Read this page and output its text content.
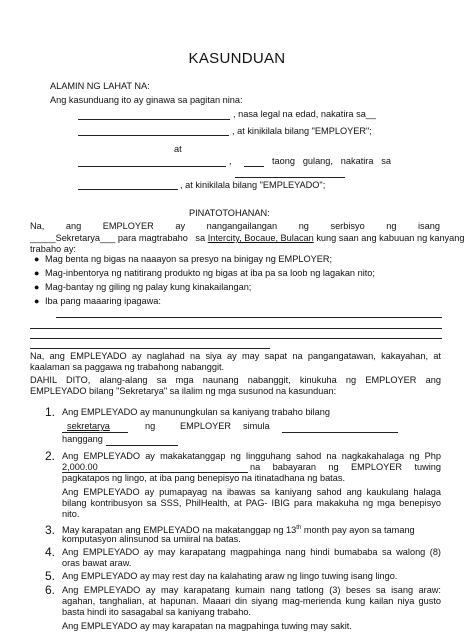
KASUNDUAN
ALAMIN NG LAHAT NA:
Ang kasunduang ito ay ginawa sa pagitan nina:
, nasa legal na edad, nakatira sa__
, at kinikilala bilang "EMPLOYER";
at
,	taong gulang, nakatira sa
, at kinikilala bilang "EMPLEYADO";
PINATOTOHANAN:
Na, ang EMPLOYER ay nangangailangan ng serbisyo ng isang
_____Sekretarya___ para magtrabaho sa Intercity, Bocaue, Bulacan kung saan ang kabuuan ng kanyang
trabaho ay:
● Mag benta ng bigas na naaayon sa presyo na binigay ng EMPLOYER;
● Mag-inbentorya ng natitirang produkto ng bigas at iba pa sa loob ng lagakan nito;
● Mag-bantay ng giling ng palay kung kinakailangan;
● Iba pang maaaring ipagawa:
Na, ang EMPLEYADO ay naglahad na siya ay may sapat na pangangatawan, kakayahan, at
kaalaman sa paggawa ng trabahong nabanggit.
DAHIL DITO, alang-alang sa mga naunang nabanggit, kinukuha ng EMPLOYER ang
EMPLEYADO bilang "Sekretarya" sa ilalim ng mga susunod na kasunduan:
1. Ang EMPLEYADO ay manunungkulan sa kaniyang trabaho bilang
sekretarya	ng	EMPLOYER simula
hanggang
2. Ang EMPLEYADO ay makakatanggap ng lingguhang sahod na nagkakahalaga ng Php
2,000.00	na babayaran ng EMPLOYER tuwing
pagkatapos ng lingo, at iba pang benepisyo na itinatadhana ng batas.
Ang EMPLEYADO ay pumapayag na ibawas sa kaniyang sahod ang kaukulang halaga
bilang kontribusyon sa SSS, PhilHealth, at PAG- IBIG para makakuha ng mga benepisyo
nito.
3. May karapatan ang EMPLEYADO na makatanggap ng 13th month pay ayon sa tamang
komputasyon alinsunod sa umiiral na batas.
4. Ang EMPLEYADO ay may karapatang magpahinga nang hindi bumababa sa walong (8)
oras bawat araw.
5. Ang EMPLEYADO ay may rest day na kalahating araw ng lingo tuwing isang lingo.
6. Ang EMPLEYADO ay may karapatang kumain nang tatlong (3) beses sa isang araw:
agahan, tanghalian, at hapunan. Maaari din siyang mag-merienda kung kailan niya gusto
basta hindi ito sasagabal sa kaniyang trabaho.
Ang EMPLEYADO ay may karapatan na magpahinga tuwing may sakit.
